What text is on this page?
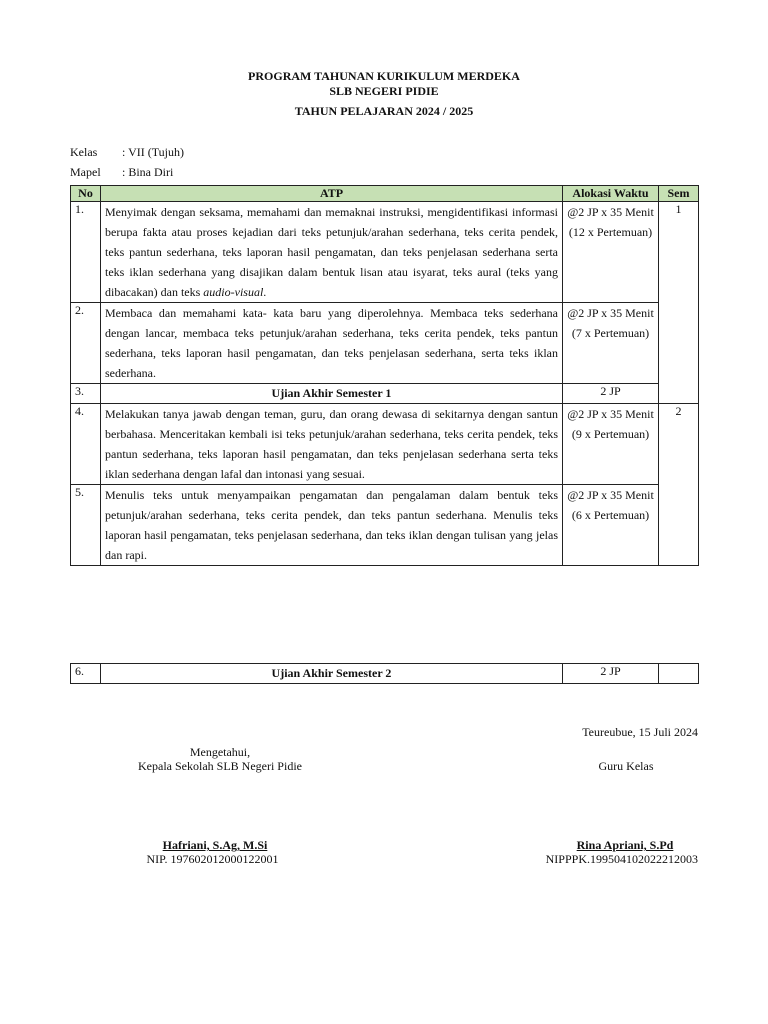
PROGRAM TAHUNAN KURIKULUM MERDEKA
SLB NEGERI PIDIE
TAHUN PELAJARAN 2024 / 2025
Kelas : VII (Tujuh)
Mapel : Bina Diri
No	ATP	Alokasi Waktu	Sem
1.	Menyimak dengan seksama, memahami dan memaknai instruksi, mengidentifikasi informasi berupa fakta atau proses kejadian dari teks petunjuk/arahan sederhana, teks cerita pendek, teks pantun sederhana, teks laporan hasil pengamatan, dan teks penjelasan sederhana serta teks iklan sederhana yang disajikan dalam bentuk lisan atau isyarat, teks aural (teks yang dibacakan) dan teks audio-visual.	@2 JP x 35 Menit
(12 x Pertemuan)	1
2.	Membaca dan memahami kata- kata baru yang diperolehnya. Membaca teks sederhana dengan lancar, membaca teks petunjuk/arahan sederhana, teks cerita pendek, teks pantun sederhana, teks laporan hasil pengamatan, dan teks penjelasan sederhana, serta teks iklan sederhana.	@2 JP x 35 Menit
(7 x Pertemuan)	

3.	Ujian Akhir Semester 1	2 JP	
4.	Melakukan tanya jawab dengan teman, guru, dan orang dewasa di sekitarnya dengan santun berbahasa. Menceritakan kembali isi teks petunjuk/arahan sederhana, teks cerita pendek, teks pantun sederhana, teks laporan hasil pengamatan, dan teks penjelasan sederhana serta teks iklan sederhana dengan lafal dan intonasi yang sesuai.	@2 JP x 35 Menit
(9 x Pertemuan)	2
5.	Menulis teks untuk menyampaikan pengamatan dan pengalaman dalam bentuk teks petunjuk/arahan sederhana, teks cerita pendek, dan teks pantun sederhana. Menulis teks laporan hasil pengamatan, teks penjelasan sederhana, dan teks iklan dengan tulisan yang jelas dan rapi.	@2 JP x 35 Menit
(6 x Pertemuan)	
6.	Ujian Akhir Semester 2	2 JP	
Teureubue, 15 Juli 2024
Mengetahui,
Kepala Sekolah SLB Negeri Pidie	Guru Kelas
Hafriani, S.Ag, M.Si
NIP. 197602012000122001
Rina Apriani, S.Pd
NIPPPK.199504102022212003
